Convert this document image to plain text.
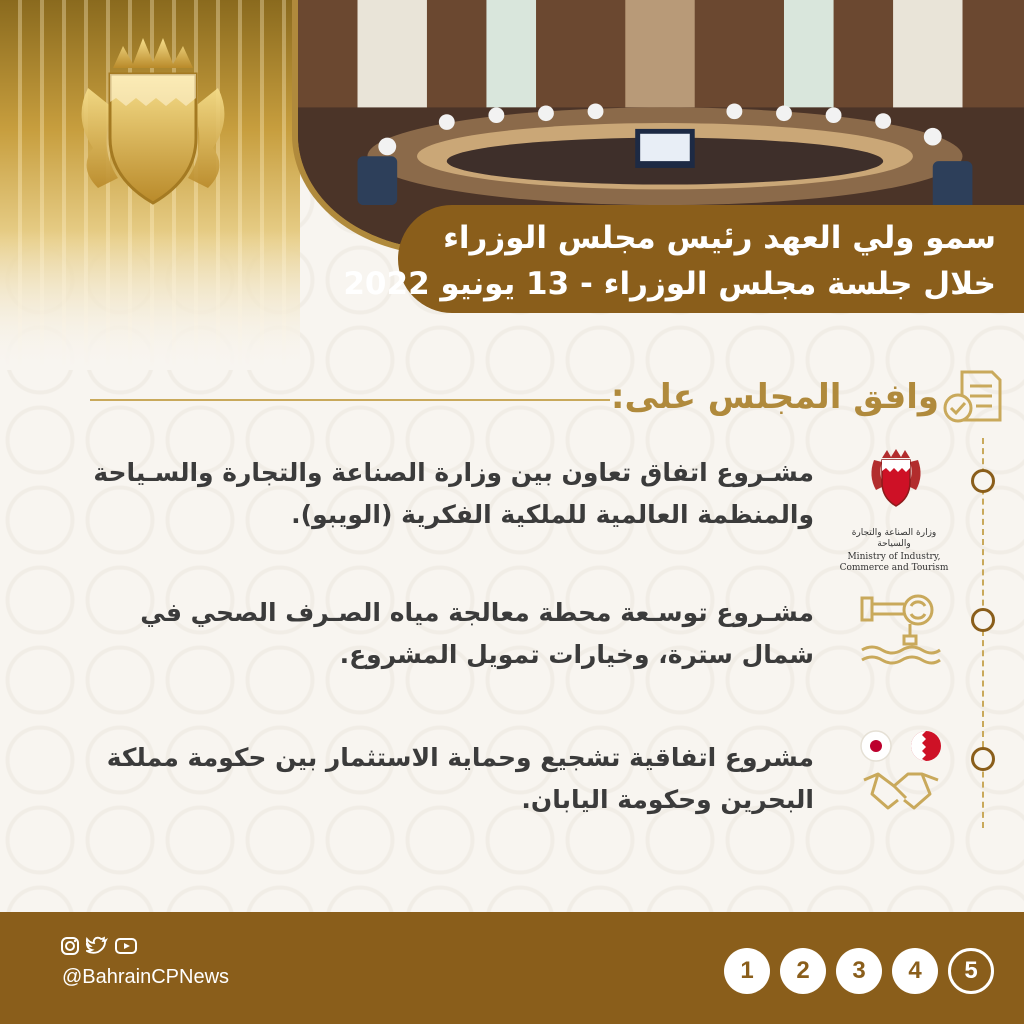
سمو ولي العهد رئيس مجلس الوزراء
خلال جلسة مجلس الوزراء - 13 يونيو 2022
وافق المجلس على:
مشـروع اتفاق تعاون بين وزارة الصناعة والتجارة والسـياحة والمنظمة العالمية للملكية الفكرية (الويبو).
وزارة الصناعة والتجارة والسياحة
Ministry of Industry,
Commerce and Tourism
مشـروع توسـعة محطة معالجة مياه الصـرف الصحي في شمال سترة، وخيارات تمويل المشروع.
مشروع اتفاقية تشجيع وحماية الاستثمار بين حكومة مملكة البحرين وحكومة اليابان.
@BahrainCPNews	1	2	3	4	5
